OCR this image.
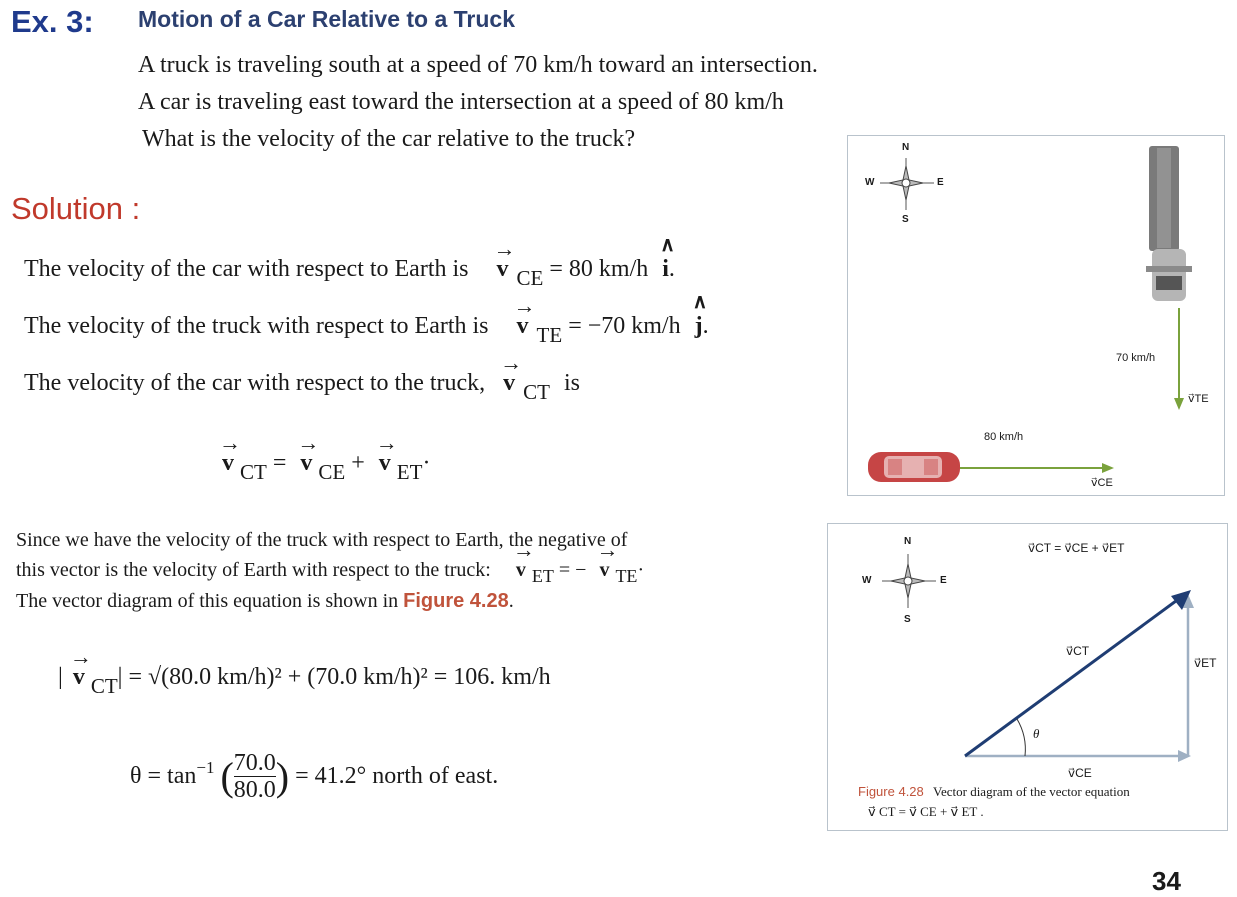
Ex. 3: Motion of a Car Relative to a Truck
A truck is traveling south at a speed of 70 km/h toward an intersection.
A car is traveling east toward the intersection at a speed of 80 km/h
What is the velocity of the car relative to the truck?
Solution :
The velocity of the car with respect to Earth is → v CE = 80 km/h ∧ i.
The velocity of the truck with respect to Earth is → v TE = −70 km/h ∧ j.
The velocity of the car with respect to the truck, → v CT is
→ v CT = → v CE + → v ET·
Since we have the velocity of the truck with respect to Earth, the negative of
this vector is the velocity of Earth with respect to the truck: → v ET = − → v TE·
The vector diagram of this equation is shown in Figure 4.28.
| → v CT| = √(80.0 km/h)² + (70.0 km/h)² = 106. km/h
$\theta = \tan^{-1}$ ( $\frac{70.0}{80.0}$ ) = 41.2° north of east.
N
S
E
W
70 km/h
v⃗TE
80 km/h
v⃗CE
N
S
E
W
v⃗CT = v⃗CE + v⃗ET
v⃗CT
v⃗ET
θ
v⃗CE
Figure 4.28 Vector diagram of the vector equation
v⃗ CT = v⃗ CE + v⃗ ET .
34
